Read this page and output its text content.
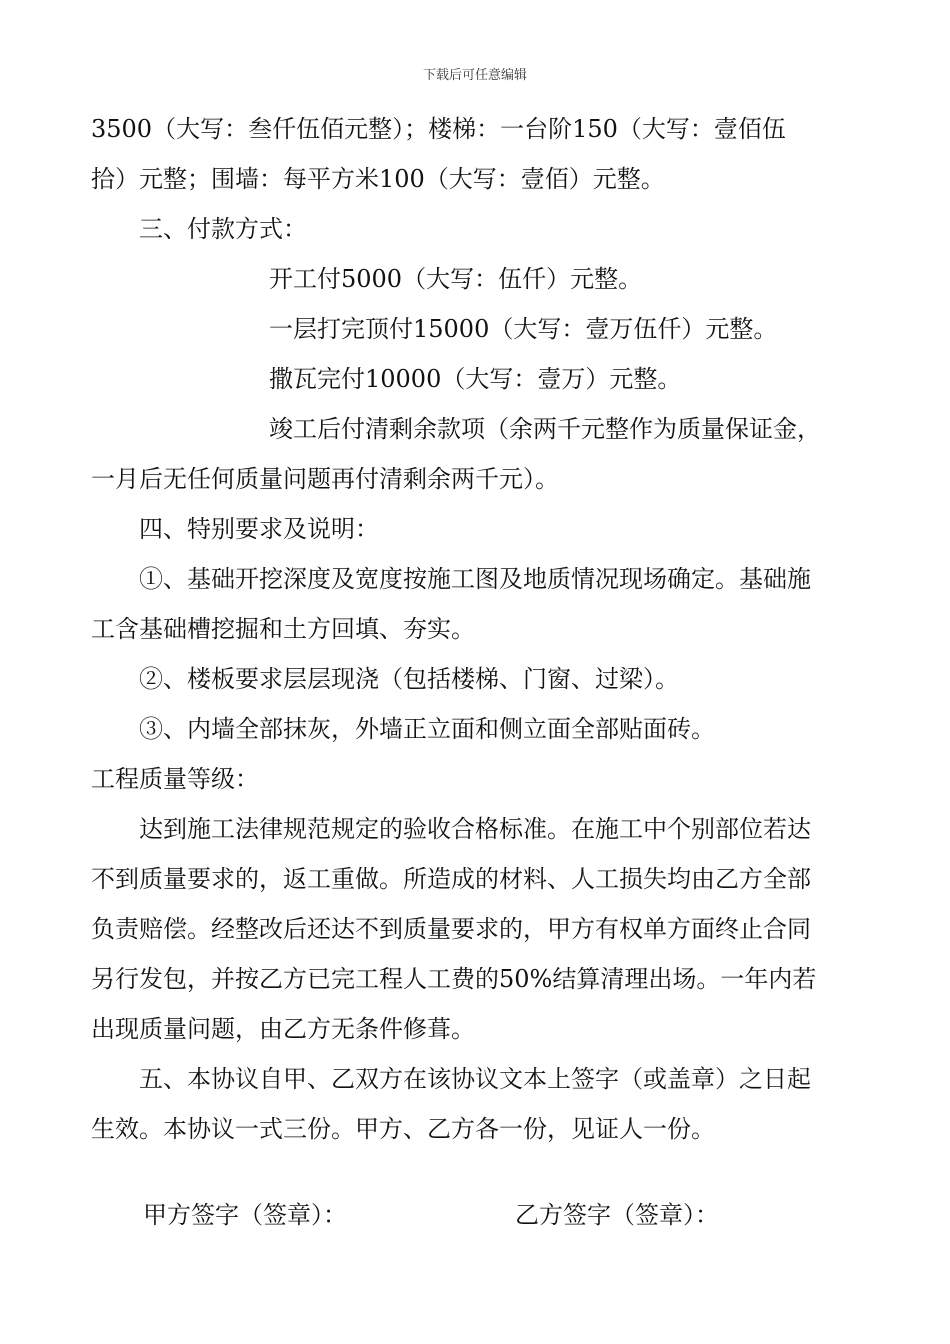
下载后可任意编辑

3500（大写：叁仟伍佰元整）；楼梯：一台阶150（大写：壹佰伍

拾）元整；围墙：每平方米100（大写：壹佰）元整。

三、付款方式：

开工付5000（大写：伍仟）元整。

一层打完顶付15000（大写：壹万伍仟）元整。

撒瓦完付10000（大写：壹万）元整。

竣工后付清剩余款项（余两千元整作为质量保证金，

一月后无任何质量问题再付清剩余两千元）。

四、特别要求及说明：

①、基础开挖深度及宽度按施工图及地质情况现场确定。基础施

工含基础槽挖掘和土方回填、夯实。

②、楼板要求层层现浇（包括楼梯、门窗、过梁）。

③、内墙全部抹灰，外墙正立面和侧立面全部贴面砖。

工程质量等级：

达到施工法律规范规定的验收合格标准。在施工中个别部位若达

不到质量要求的，返工重做。所造成的材料、人工损失均由乙方全部

负责赔偿。经整改后还达不到质量要求的，甲方有权单方面终止合同

另行发包，并按乙方已完工程人工费的50%结算清理出场。一年内若

出现质量问题，由乙方无条件修葺。

五、本协议自甲、乙双方在该协议文本上签字（或盖章）之日起

生效。本协议一式三份。甲方、乙方各一份，见证人一份。

甲方签字（签章）：	乙方签字（签章）：
